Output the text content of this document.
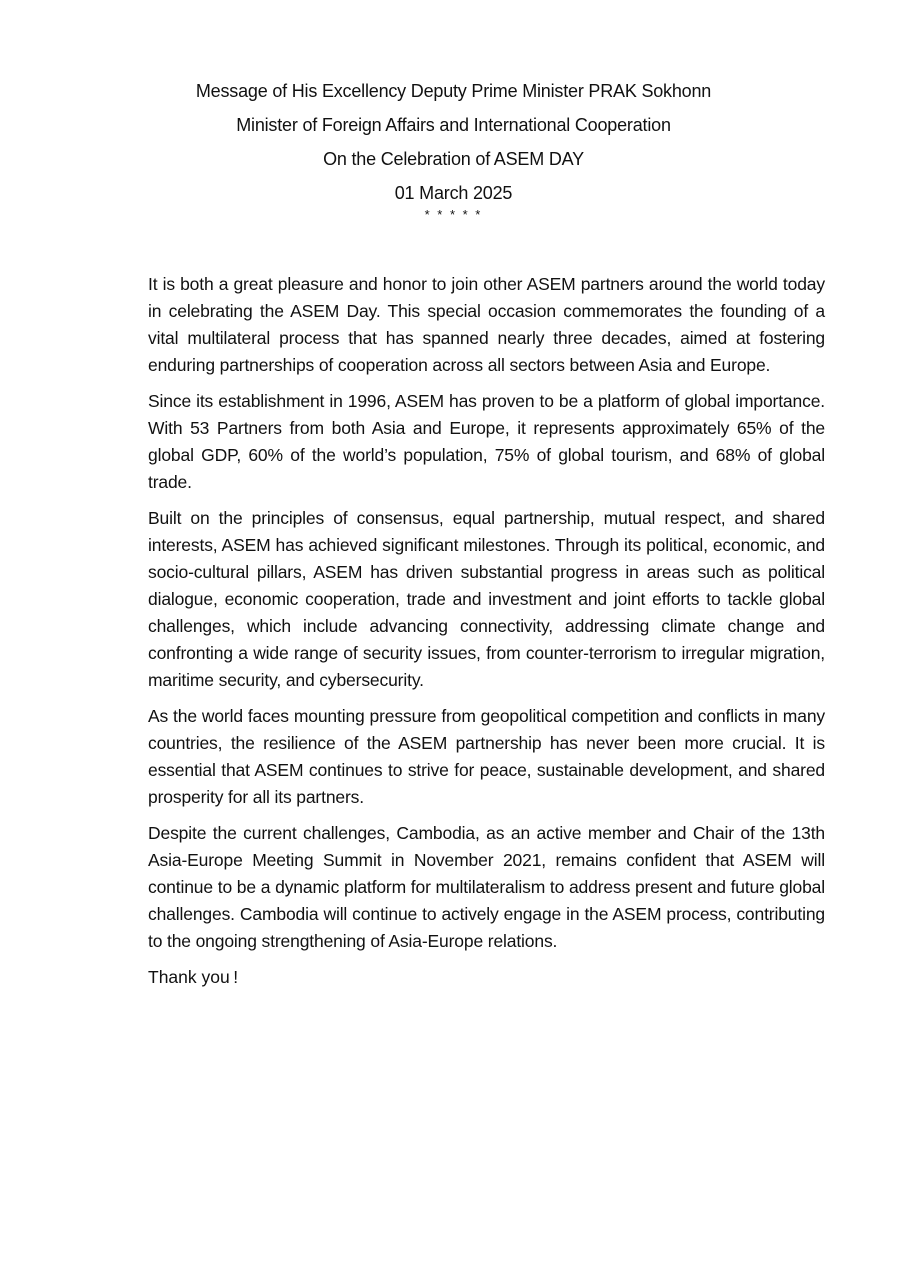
Message of His Excellency Deputy Prime Minister PRAK Sokhonn
Minister of Foreign Affairs and International Cooperation
On the Celebration of ASEM DAY
01 March 2025
* * * * *

It is both a great pleasure and honor to join other ASEM partners around the world today in celebrating the ASEM Day. This special occasion commemorates the founding of a vital multilateral process that has spanned nearly three decades, aimed at fostering enduring partnerships of cooperation across all sectors between Asia and Europe.

Since its establishment in 1996, ASEM has proven to be a platform of global importance. With 53 Partners from both Asia and Europe, it represents approximately 65% of the global GDP, 60% of the world’s population, 75% of global tourism, and 68% of global trade.

Built on the principles of consensus, equal partnership, mutual respect, and shared interests, ASEM has achieved significant milestones. Through its political, economic, and socio-cultural pillars, ASEM has driven substantial progress in areas such as political dialogue, economic cooperation, trade and investment and joint efforts to tackle global challenges, which include advancing connectivity, addressing climate change and confronting a wide range of security issues, from counter-terrorism to irregular migration, maritime security, and cybersecurity.

As the world faces mounting pressure from geopolitical competition and conflicts in many countries, the resilience of the ASEM partnership has never been more crucial. It is essential that ASEM continues to strive for peace, sustainable development, and shared prosperity for all its partners.

Despite the current challenges, Cambodia, as an active member and Chair of the 13th Asia-Europe Meeting Summit in November 2021, remains confident that ASEM will continue to be a dynamic platform for multilateralism to address present and future global challenges. Cambodia will continue to actively engage in the ASEM process, contributing to the ongoing strengthening of Asia-Europe relations.

Thank you !
